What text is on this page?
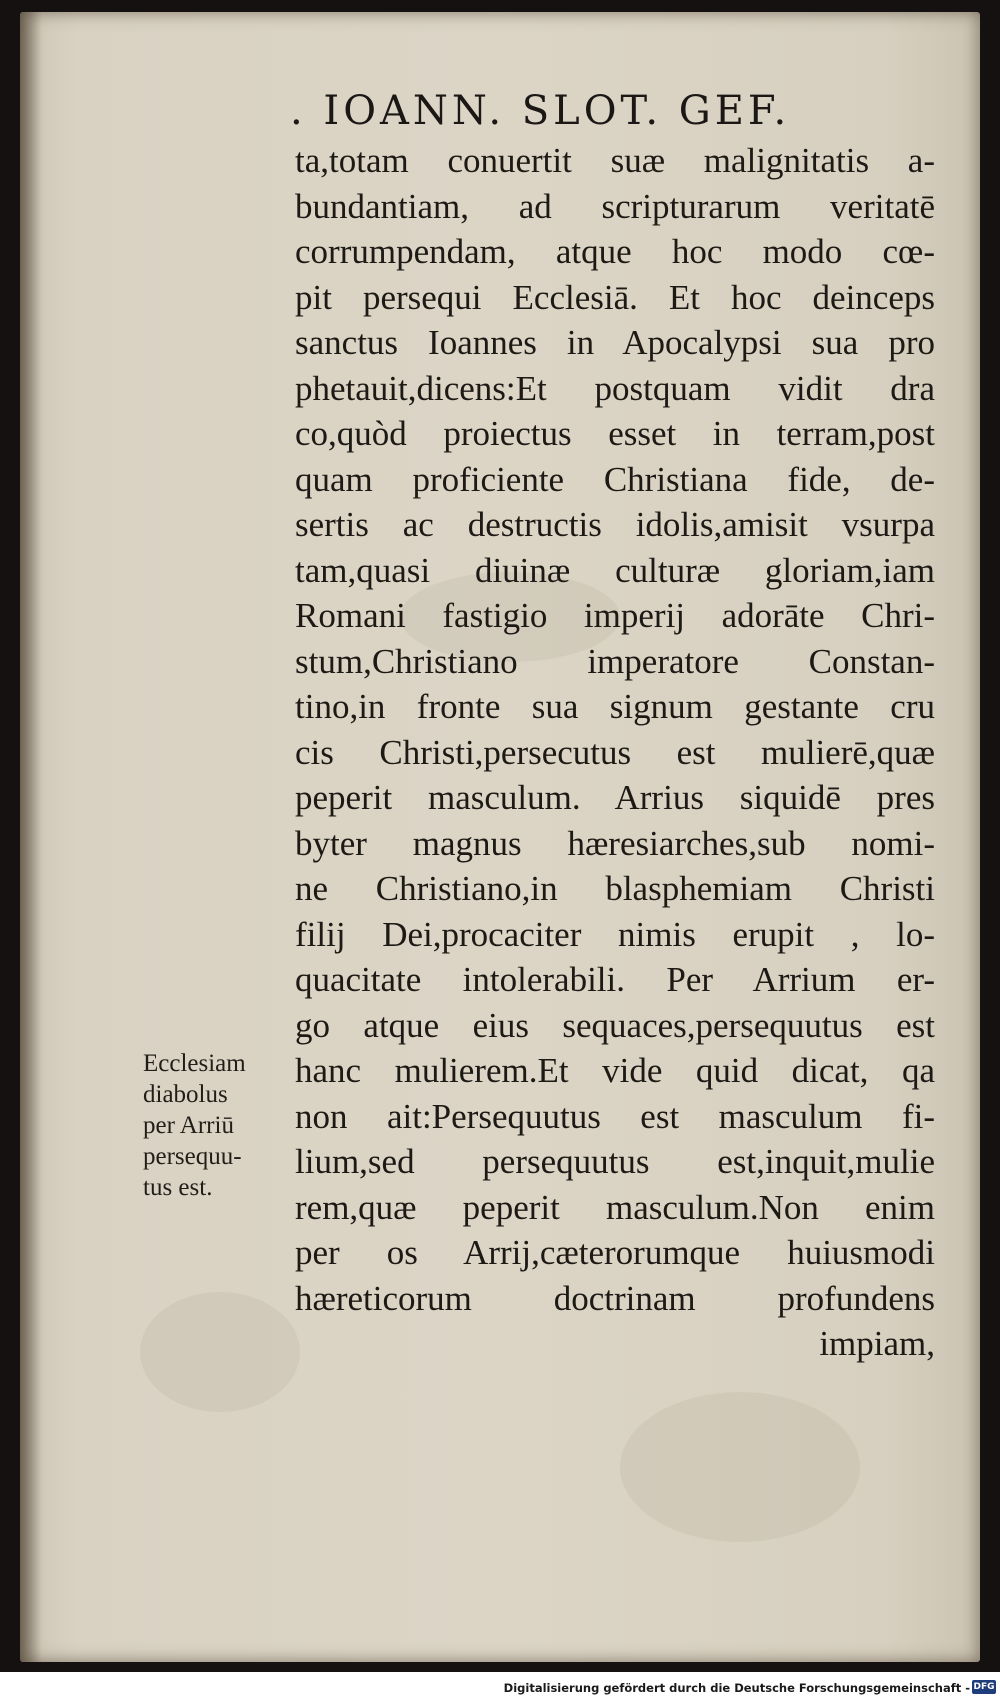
. IOANN. SLOT. GEF.
ta,totam conuertit suæ malignitatis a-
bundantiam, ad scripturarum veritatē
corrumpendam, atque hoc modo cœ-
pit persequi Ecclesiā. Et hoc deinceps
sanctus Ioannes in Apocalypsi sua pro
phetauit,dicens:Et postquam vidit dra
co,quòd proiectus esset in terram,post
quam proficiente Christiana fide, de-
sertis ac destructis idolis,amisit vsurpa
tam,quasi diuinæ culturæ gloriam,iam
Romani fastigio imperij adorāte Chri-
stum,Christiano imperatore Constan-
tino,in fronte sua signum gestante cru
cis Christi,persecutus est mulierē,quæ
peperit masculum. Arrius siquidē pres
byter magnus hæresiarches,sub nomi-
ne Christiano,in blasphemiam Christi
filij Dei,procaciter nimis erupit , lo-
quacitate intolerabili. Per Arrium er-
go atque eius sequaces,persequutus est
hanc mulierem.Et vide quid dicat, qa
non ait:Persequutus est masculum fi-
lium,sed persequutus est,inquit,mulie
rem,quæ peperit masculum.Non enim
per os Arrij,cæterorumque huiusmodi
hæreticorum doctrinam profundens
impiam,
Ecclesiam
diabolus
per Arriū
persequu-
tus est.
Digitalisierung gefördert durch die Deutsche Forschungsgemeinschaft - DFG
